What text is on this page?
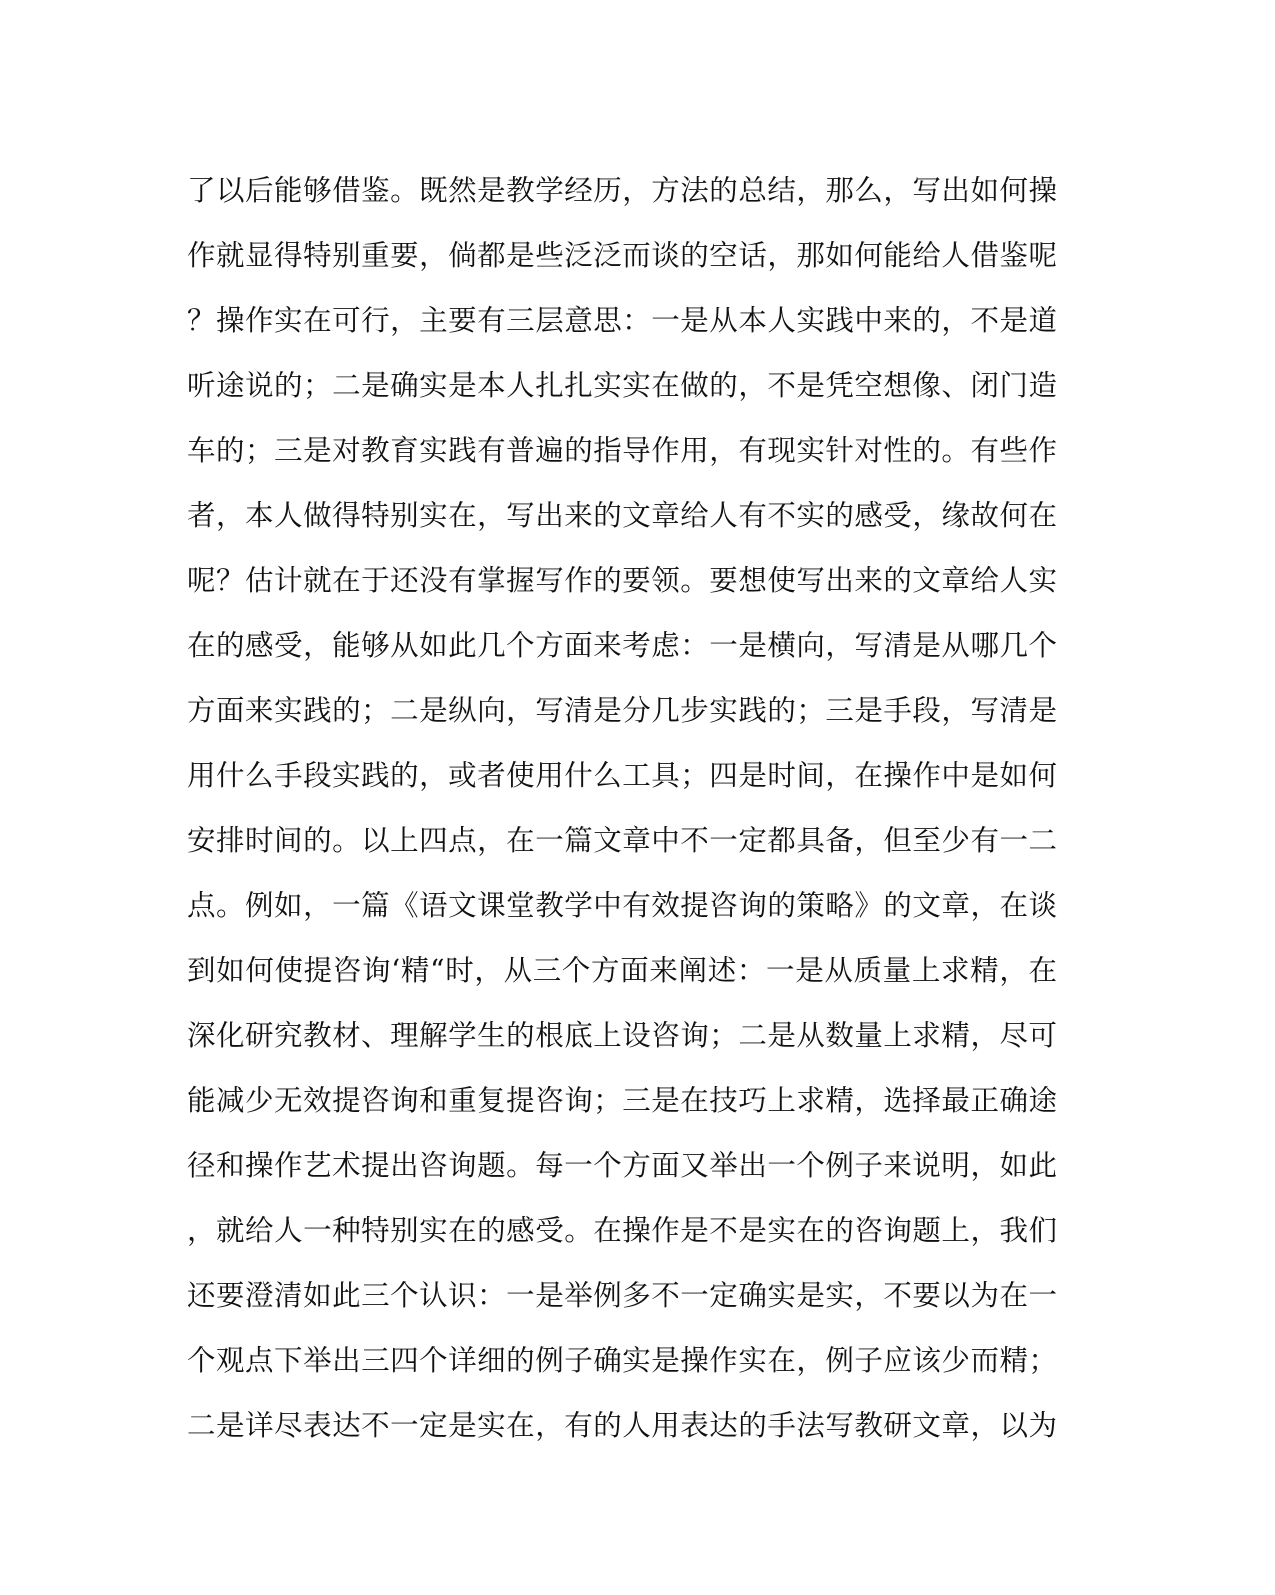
了以后能够借鉴。既然是教学经历，方法的总结，那么，写出如何操
作就显得特别重要，倘都是些泛泛而谈的空话，那如何能给人借鉴呢
？操作实在可行，主要有三层意思：一是从本人实践中来的，不是道
听途说的；二是确实是本人扎扎实实在做的，不是凭空想像、闭门造
车的；三是对教育实践有普遍的指导作用，有现实针对性的。有些作
者，本人做得特别实在，写出来的文章给人有不实的感受，缘故何在
呢？估计就在于还没有掌握写作的要领。要想使写出来的文章给人实
在的感受，能够从如此几个方面来考虑：一是横向，写清是从哪几个
方面来实践的；二是纵向，写清是分几步实践的；三是手段，写清是
用什么手段实践的，或者使用什么工具；四是时间，在操作中是如何
安排时间的。以上四点，在一篇文章中不一定都具备，但至少有一二
点。例如，一篇《语文课堂教学中有效提咨询的策略》的文章，在谈
到如何使提咨询‘精“时，从三个方面来阐述：一是从质量上求精，在
深化研究教材、理解学生的根底上设咨询；二是从数量上求精，尽可
能减少无效提咨询和重复提咨询；三是在技巧上求精，选择最正确途
径和操作艺术提出咨询题。每一个方面又举出一个例子来说明，如此
，就给人一种特别实在的感受。在操作是不是实在的咨询题上，我们
还要澄清如此三个认识：一是举例多不一定确实是实，不要以为在一
个观点下举出三四个详细的例子确实是操作实在，例子应该少而精；
二是详尽表达不一定是实在，有的人用表达的手法写教研文章，以为
